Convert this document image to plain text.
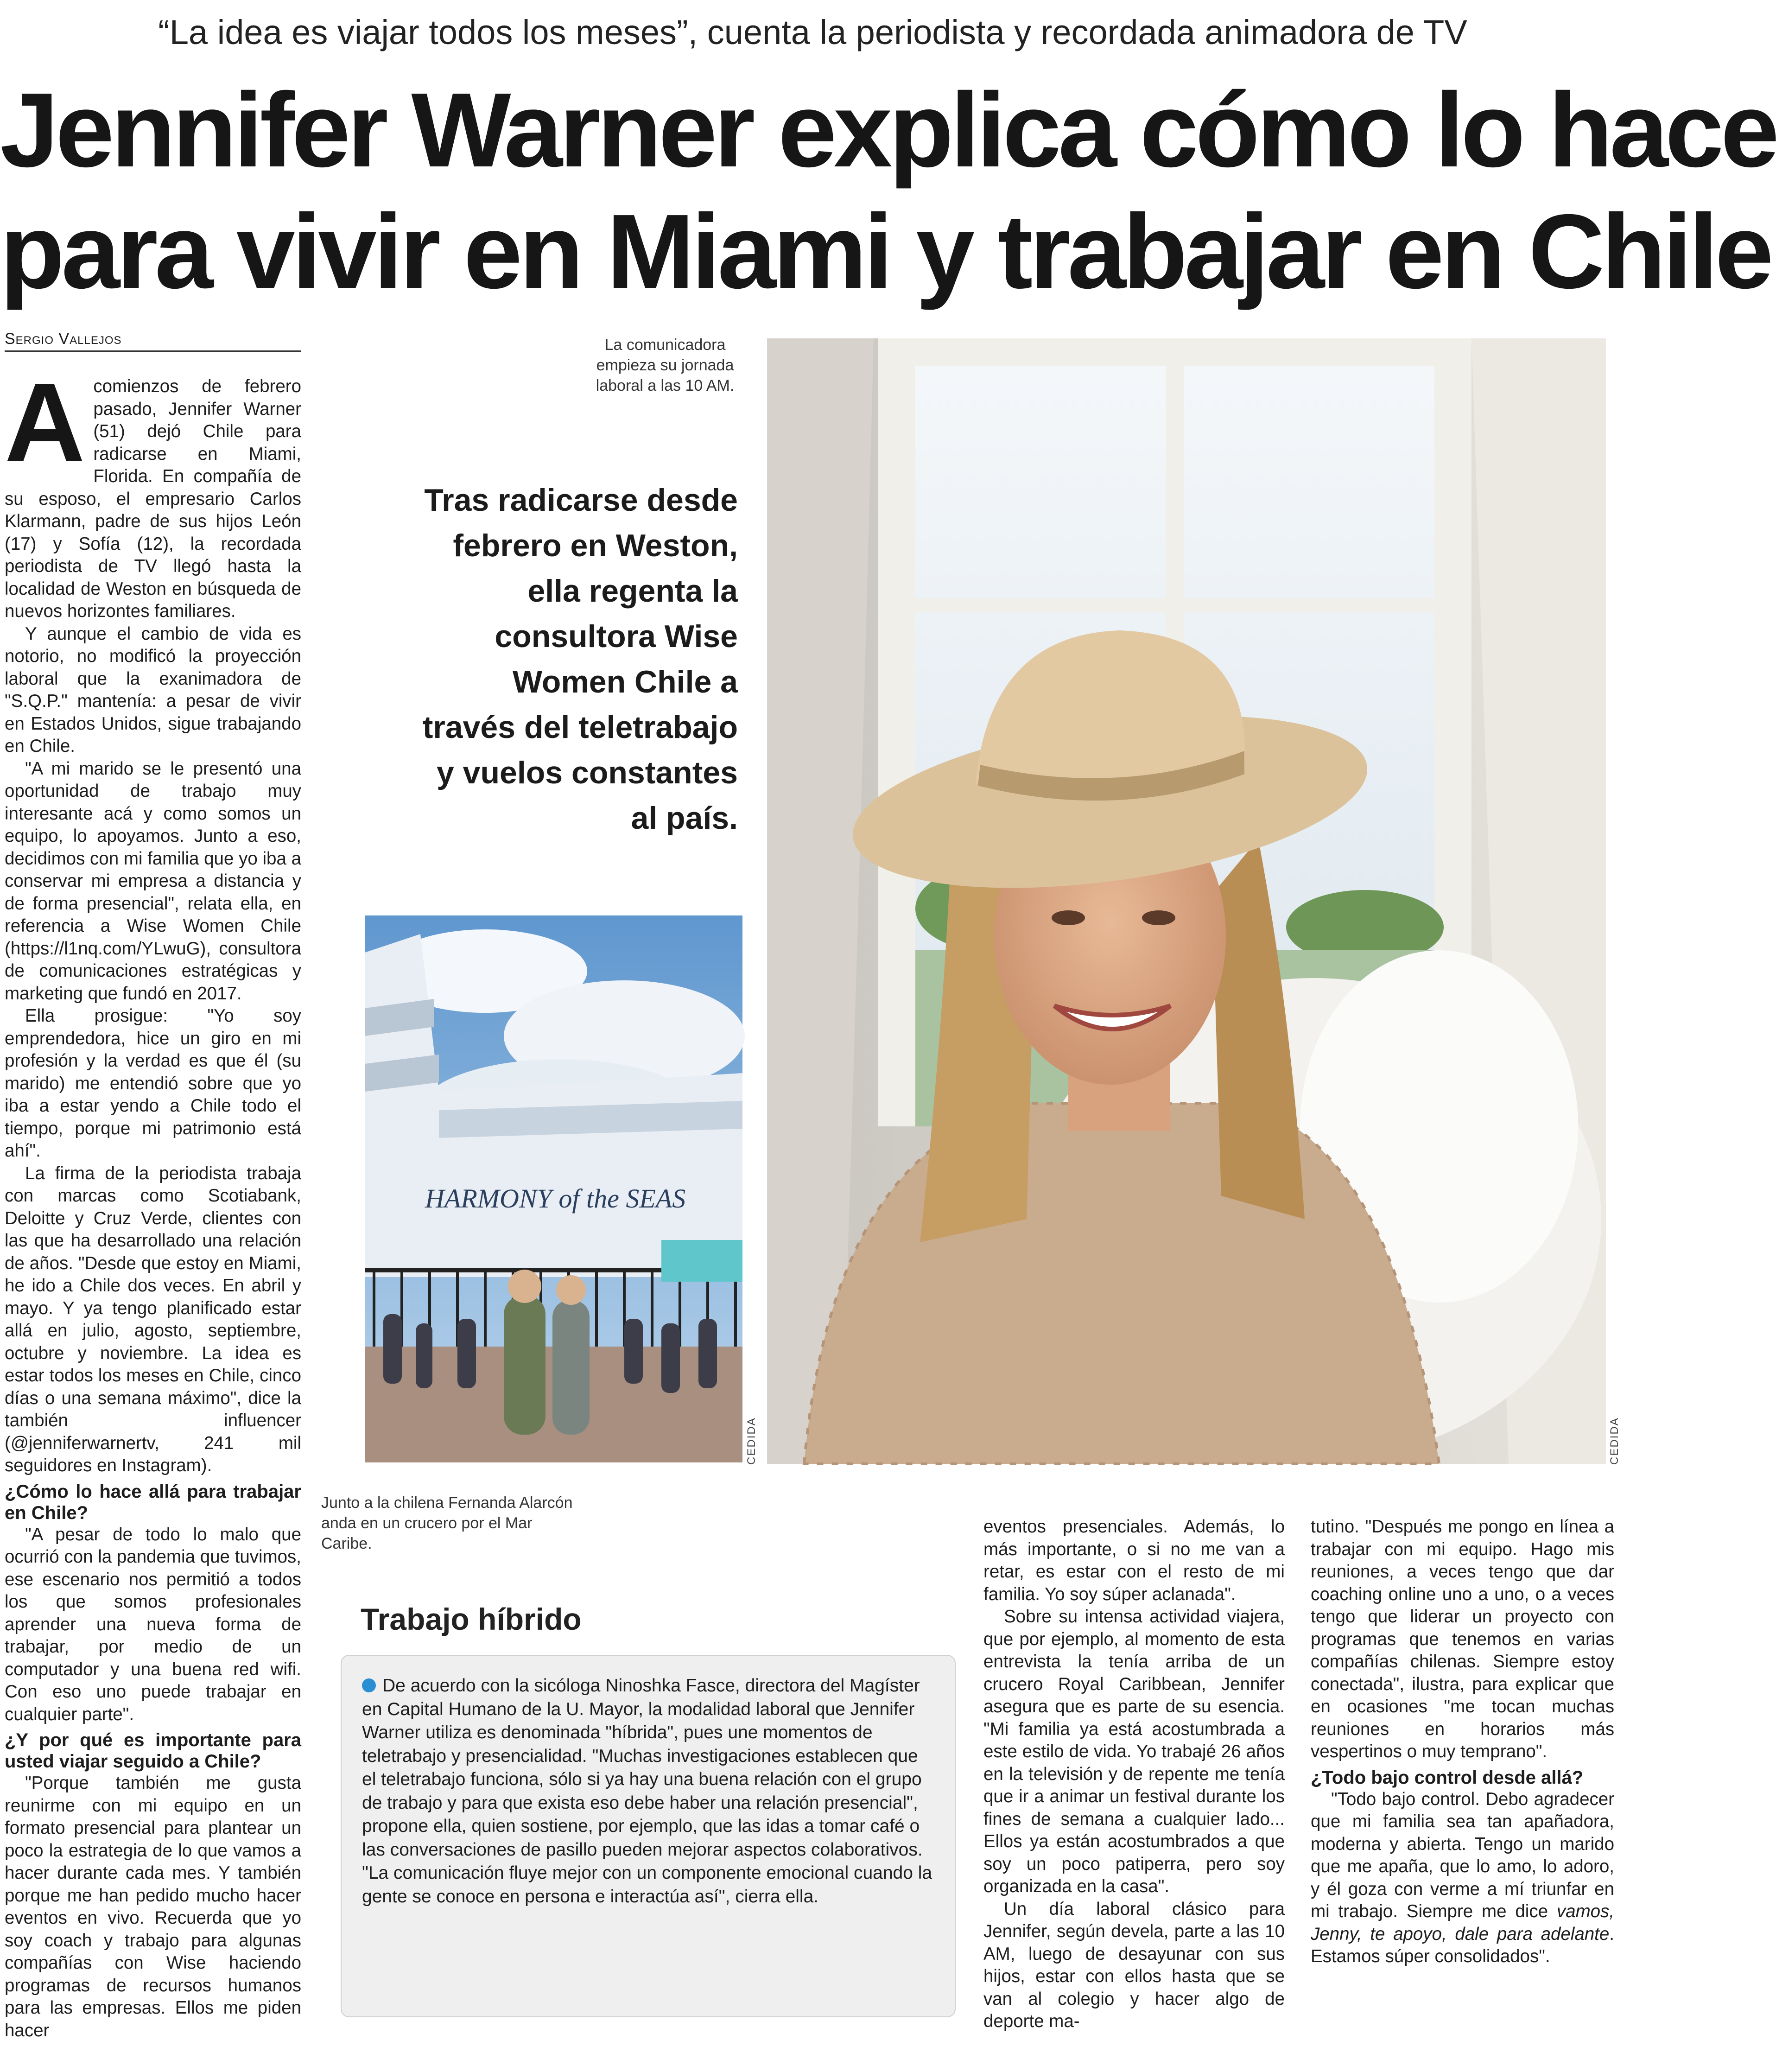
“La idea es viajar todos los meses”, cuenta la periodista y recordada animadora de TV
Jennifer Warner explica cómo lo hace
para vivir en Miami y trabajar en Chile
Sergio Vallejos
A comienzos de febrero pasado, Jennifer Warner (51) dejó Chile para radicarse en Miami, Florida. En compañía de su esposo, el empresario Carlos Klarmann, padre de sus hijos León (17) y Sofía (12), la recordada periodista de TV llegó hasta la localidad de Weston en búsqueda de nuevos horizontes familiares.

Y aunque el cambio de vida es notorio, no modificó la proyección laboral que la exanimadora de "S.Q.P." mantenía: a pesar de vivir en Estados Unidos, sigue trabajando en Chile.

"A mi marido se le presentó una oportunidad de trabajo muy interesante acá y como somos un equipo, lo apoyamos. Junto a eso, decidimos con mi familia que yo iba a conservar mi empresa a distancia y de forma presencial", relata ella, en referencia a Wise Women Chile (https://l1nq.com/YLwuG), consultora de comunicaciones estratégicas y marketing que fundó en 2017.

Ella prosigue: "Yo soy emprendedora, hice un giro en mi profesión y la verdad es que él (su marido) me entendió sobre que yo iba a estar yendo a Chile todo el tiempo, porque mi patrimonio está ahí".

La firma de la periodista trabaja con marcas como Scotiabank, Deloitte y Cruz Verde, clientes con las que ha desarrollado una relación de años. "Desde que estoy en Miami, he ido a Chile dos veces. En abril y mayo. Y ya tengo planificado estar allá en julio, agosto, septiembre, octubre y noviembre. La idea es estar todos los meses en Chile, cinco días o una semana máximo", dice la también influencer (@jenniferwarnertv, 241 mil seguidores en Instagram).

¿Cómo lo hace allá para trabajar en Chile?

"A pesar de todo lo malo que ocurrió con la pandemia que tuvimos, ese escenario nos permitió a todos los que somos profesionales aprender una nueva forma de trabajar, por medio de un computador y una buena red wifi. Con eso uno puede trabajar en cualquier parte".

¿Y por qué es importante para usted viajar seguido a Chile?

"Porque también me gusta reunirme con mi equipo en un formato presencial para plantear un poco la estrategia de lo que vamos a hacer durante cada mes. Y también porque me han pedido mucho hacer eventos en vivo. Recuerda que yo soy coach y trabajo para algunas compañías con Wise haciendo programas de recursos humanos para las empresas. Ellos me piden hacer

La comunicadora empieza su jornada laboral a las 10 AM.
Tras radicarse desde febrero en Weston, ella regenta la consultora Wise Women Chile a través del teletrabajo y vuelos constantes al país.
CEDIDA
HARMONY of the SEAS
CEDIDA
Junto a la chilena Fernanda Alarcón anda en un crucero por el Mar Caribe.
Trabajo híbrido
De acuerdo con la sicóloga Ninoshka Fasce, directora del Magíster en Capital Humano de la U. Mayor, la modalidad laboral que Jennifer Warner utiliza es denominada "híbrida", pues une momentos de teletrabajo y presencialidad. "Muchas investigaciones establecen que el teletrabajo funciona, sólo si ya hay una buena relación con el grupo de trabajo y para que exista eso debe haber una relación presencial", propone ella, quien sostiene, por ejemplo, que las idas a tomar café o las conversaciones de pasillo pueden mejorar aspectos colaborativos. "La comunicación fluye mejor con un componente emocional cuando la gente se conoce en persona e interactúa así", cierra ella.

eventos presenciales. Además, lo más importante, o si no me van a retar, es estar con el resto de mi familia. Yo soy súper aclanada".

Sobre su intensa actividad viajera, que por ejemplo, al momento de esta entrevista la tenía arriba de un crucero Royal Caribbean, Jennifer asegura que es parte de su esencia. "Mi familia ya está acostumbrada a este estilo de vida. Yo trabajé 26 años en la televisión y de repente me tenía que ir a animar un festival durante los fines de semana a cualquier lado... Ellos ya están acostumbrados a que soy un poco patiperra, pero soy organizada en la casa".

Un día laboral clásico para Jennifer, según devela, parte a las 10 AM, luego de desayunar con sus hijos, estar con ellos hasta que se van al colegio y hacer algo de deporte ma-

tutino. "Después me pongo en línea a trabajar con mi equipo. Hago mis reuniones, a veces tengo que dar coaching online uno a uno, o a veces tengo que liderar un proyecto con programas que tenemos en varias compañías chilenas. Siempre estoy conectada", ilustra, para explicar que en ocasiones "me tocan muchas reuniones en horarios más vespertinos o muy temprano".

¿Todo bajo control desde allá?

"Todo bajo control. Debo agradecer que mi familia sea tan apañadora, moderna y abierta. Tengo un marido que me apaña, que lo amo, lo adoro, y él goza con verme a mí triunfar en mi trabajo. Siempre me dice vamos, Jenny, te apoyo, dale para adelante. Estamos súper consolidados".
